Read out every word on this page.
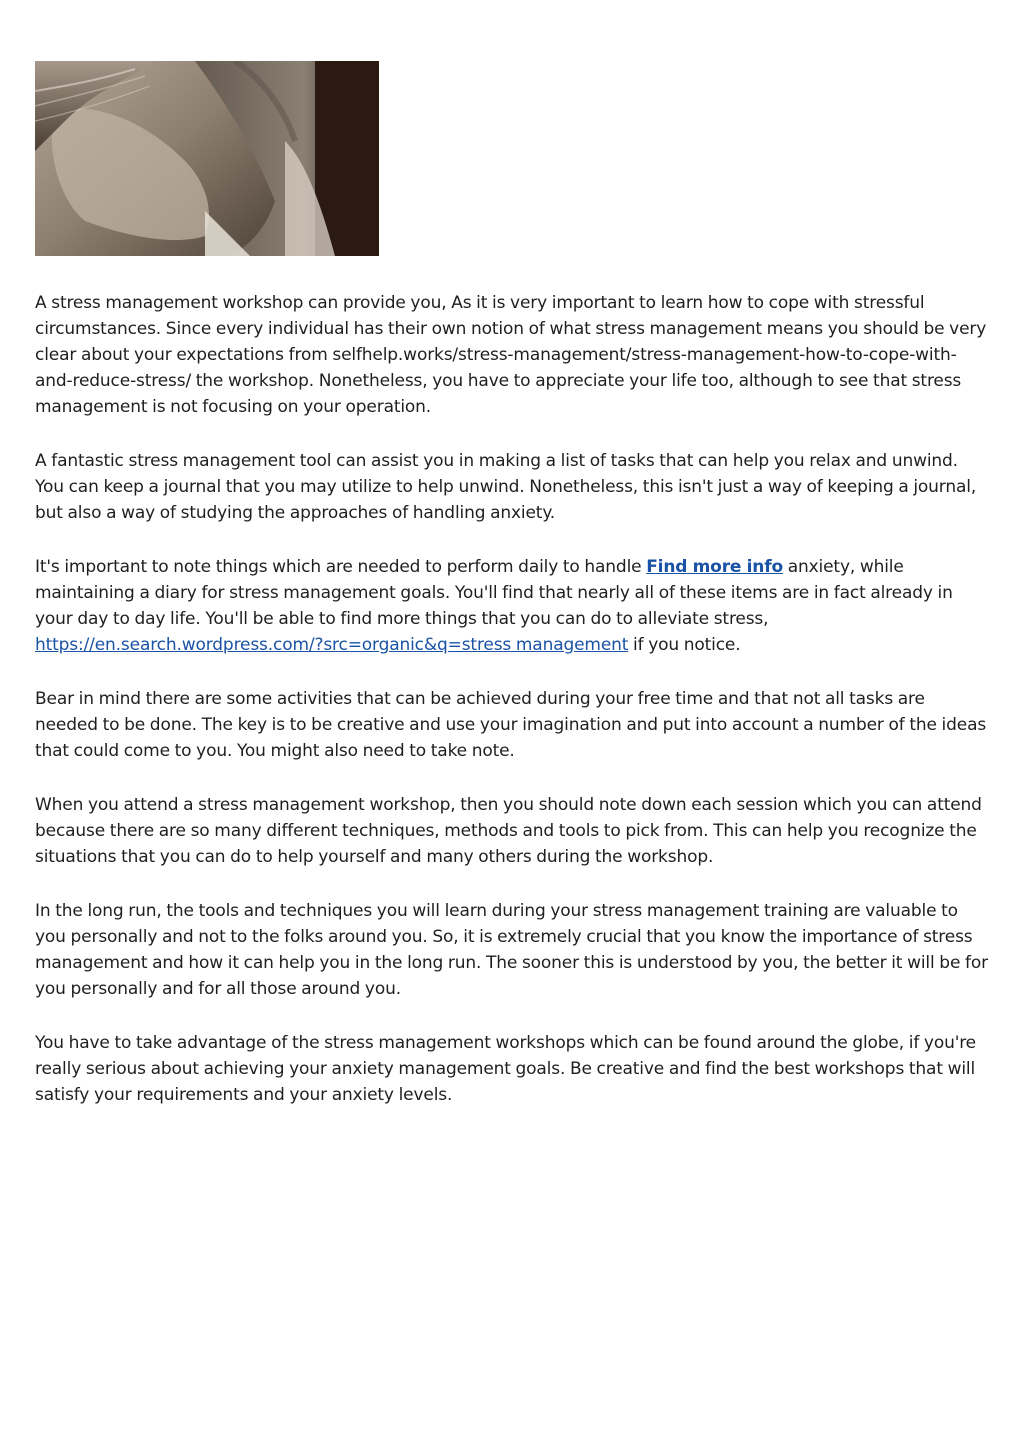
A stress management workshop can provide you, As it is very important to learn how to cope with stressful circumstances. Since every individual has their own notion of what stress management means you should be very clear about your expectations from selfhelp.works/stress-management/stress-management-how-to-cope-with-and-reduce-stress/ the workshop. Nonetheless, you have to appreciate your life too, although to see that stress management is not focusing on your operation.

A fantastic stress management tool can assist you in making a list of tasks that can help you relax and unwind. You can keep a journal that you may utilize to help unwind. Nonetheless, this isn't just a way of keeping a journal, but also a way of studying the approaches of handling anxiety.

It's important to note things which are needed to perform daily to handle Find more info anxiety, while maintaining a diary for stress management goals. You'll find that nearly all of these items are in fact already in your day to day life. You'll be able to find more things that you can do to alleviate stress, https://en.search.wordpress.com/?src=organic&q=stress management if you notice.

Bear in mind there are some activities that can be achieved during your free time and that not all tasks are needed to be done. The key is to be creative and use your imagination and put into account a number of the ideas that could come to you. You might also need to take note.

When you attend a stress management workshop, then you should note down each session which you can attend because there are so many different techniques, methods and tools to pick from. This can help you recognize the situations that you can do to help yourself and many others during the workshop.

In the long run, the tools and techniques you will learn during your stress management training are valuable to you personally and not to the folks around you. So, it is extremely crucial that you know the importance of stress management and how it can help you in the long run. The sooner this is understood by you, the better it will be for you personally and for all those around you.

You have to take advantage of the stress management workshops which can be found around the globe, if you're really serious about achieving your anxiety management goals. Be creative and find the best workshops that will satisfy your requirements and your anxiety levels.
